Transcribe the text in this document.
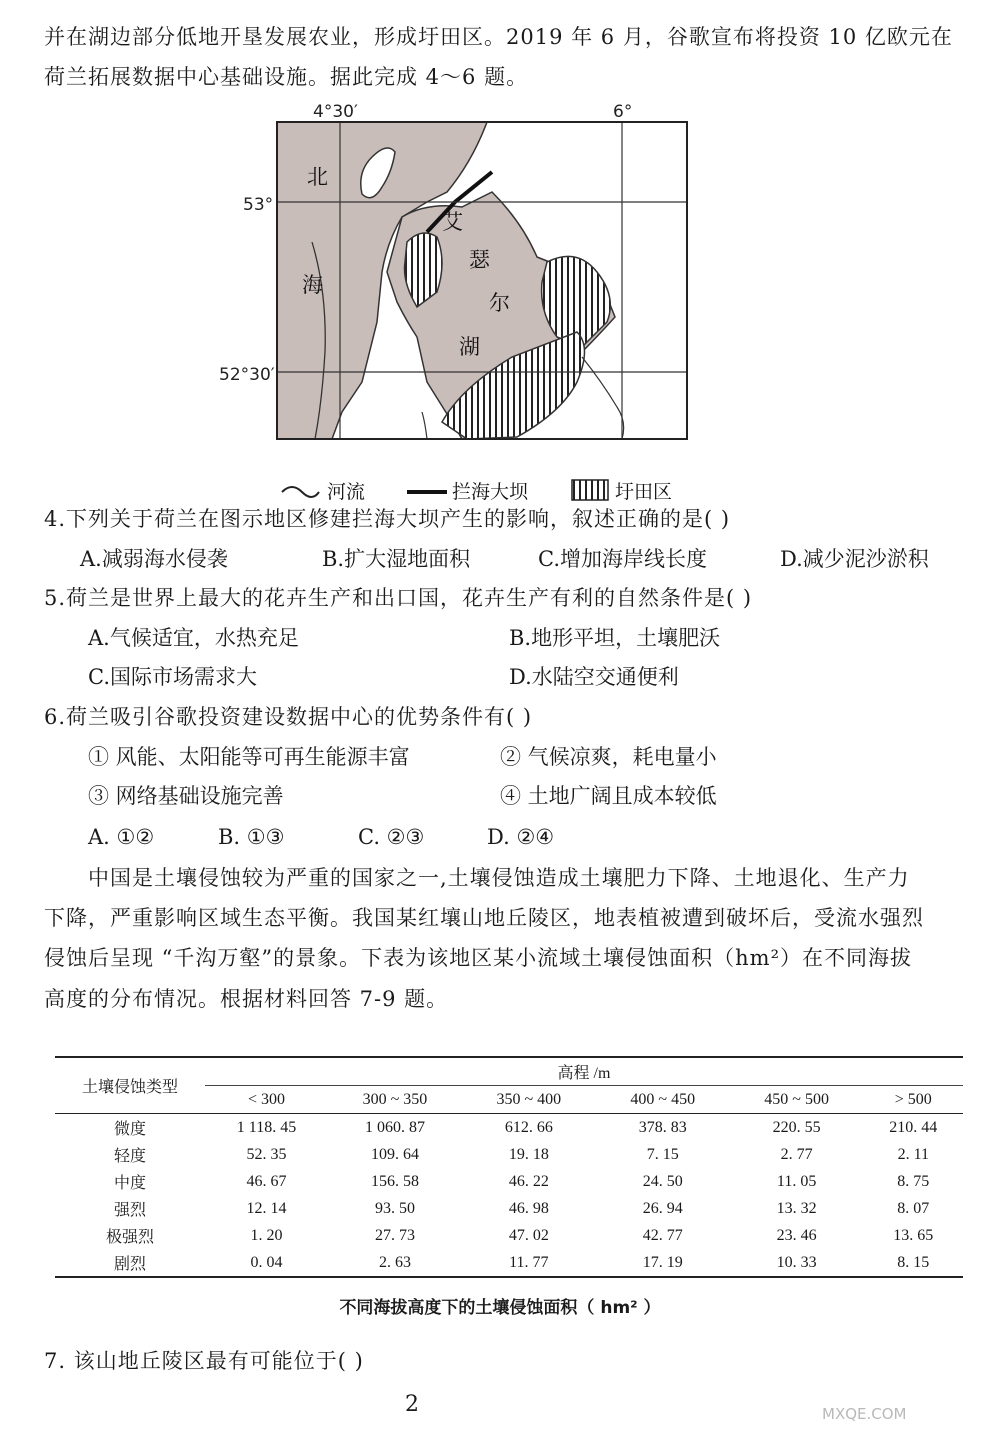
并在湖边部分低地开垦发展农业，形成圩田区。2019 年 6 月，谷歌宣布将投资 10 亿欧元在
荷兰拓展数据中心基础设施。据此完成 4～6 题。
4°30′	6°
53°
52°30′
北
海
艾
瑟
尔
湖
河流	拦海大坝	圩田区
4.下列关于荷兰在图示地区修建拦海大坝产生的影响，叙述正确的是( )
A.减弱海水侵袭	B.扩大湿地面积	C.增加海岸线长度	D.减少泥沙淤积
5.荷兰是世界上最大的花卉生产和出口国，花卉生产有利的自然条件是( )
A.气候适宜，水热充足	B.地形平坦，土壤肥沃
C.国际市场需求大	D.水陆空交通便利
6.荷兰吸引谷歌投资建设数据中心的优势条件有( )
① 风能、太阳能等可再生能源丰富	② 气候凉爽，耗电量小
③ 网络基础设施完善	④ 土地广阔且成本较低
A. ①②	B. ①③	C. ②③	D. ②④
中国是土壤侵蚀较为严重的国家之一,土壤侵蚀造成土壤肥力下降、土地退化、生产力
下降，严重影响区域生态平衡。我国某红壤山地丘陵区，地表植被遭到破坏后，受流水强烈
侵蚀后呈现 “千沟万壑”的景象。下表为该地区某小流域土壤侵蚀面积（hm²）在不同海拔
高度的分布情况。根据材料回答 7-9 题。
土壤侵蚀类型	高程 /m					
	< 300	300 ~ 350	350 ~ 400	400 ~ 450	450 ~ 500	> 500
微度	1 118. 45	1 060. 87	612. 66	378. 83	220. 55	210. 44
轻度	52. 35	109. 64	19. 18	7. 15	2. 77	2. 11
中度	46. 67	156. 58	46. 22	24. 50	11. 05	8. 75
强烈	12. 14	93. 50	46. 98	26. 94	13. 32	8. 07
极强烈	1. 20	27. 73	47. 02	42. 77	23. 46	13. 65
剧烈	0. 04	2. 63	11. 77	17. 19	10. 33	8. 15
不同海拔高度下的土壤侵蚀面积（ hm² ）
7. 该山地丘陵区最有可能位于( )
2	MXQE.COM
